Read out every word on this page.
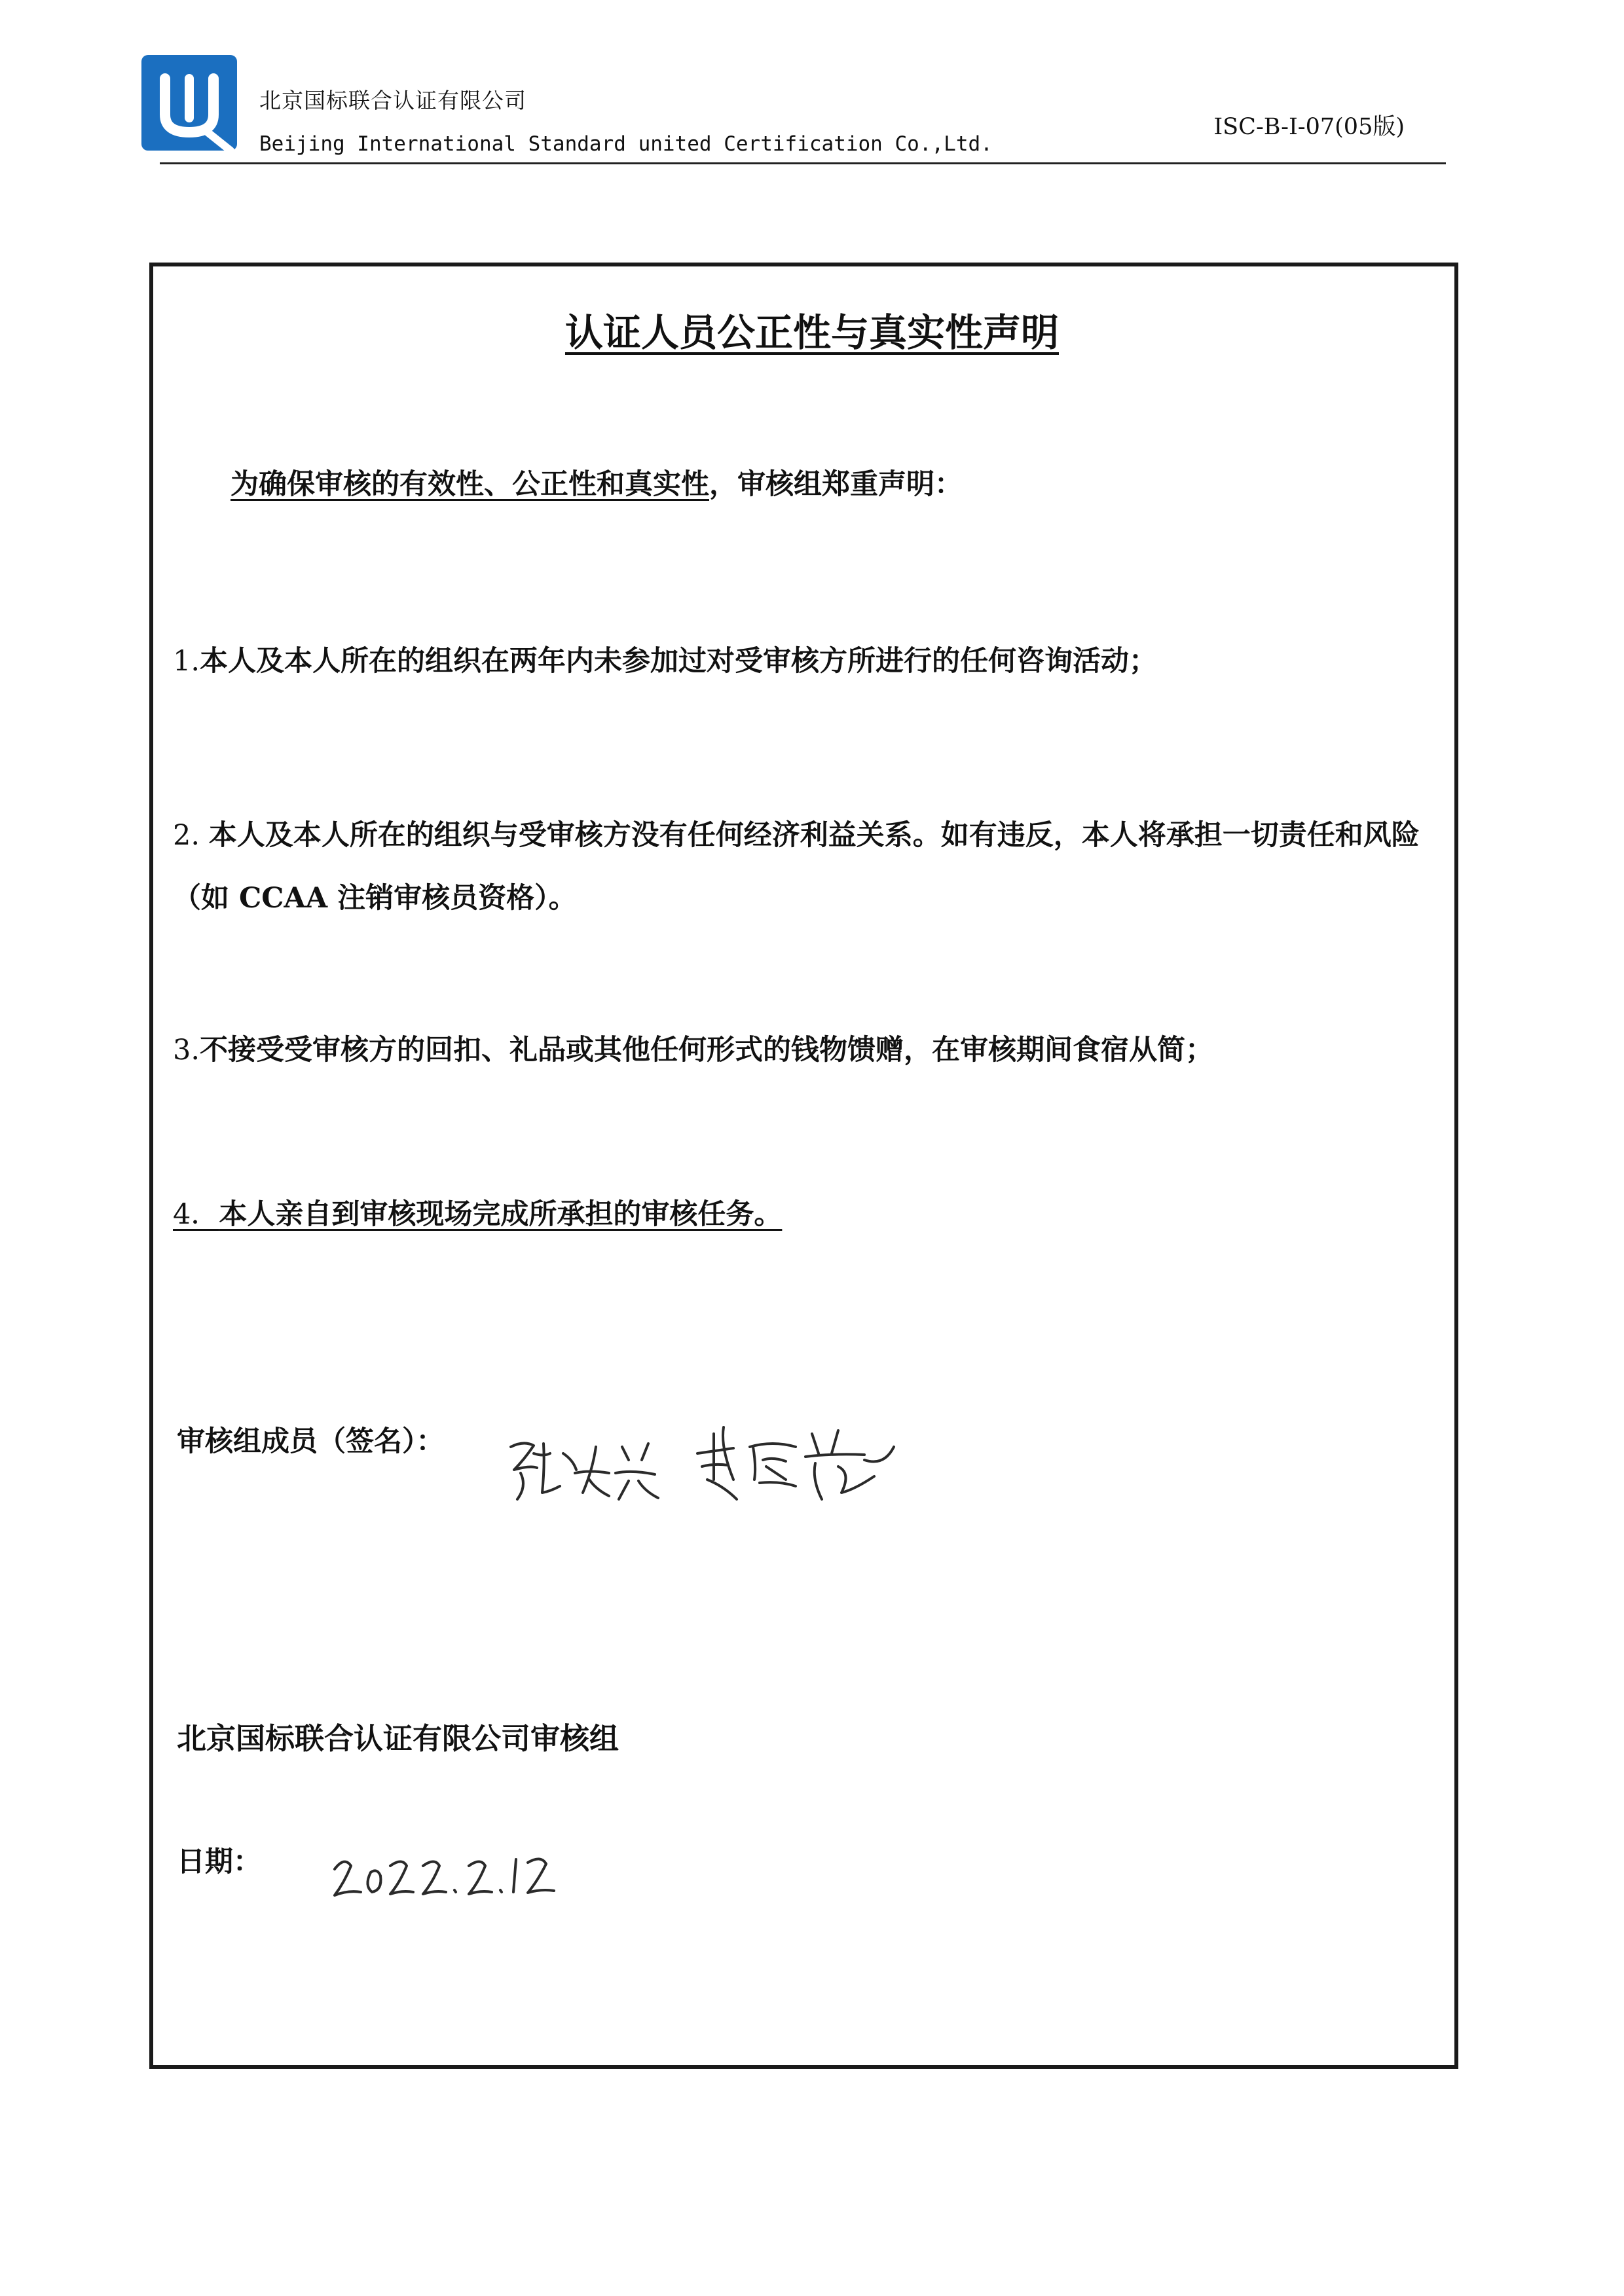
北京国标联合认证有限公司
Beijing International Standard united Certification Co.,Ltd.
ISC-B-I-07(05版)
认证人员公正性与真实性声明
为确保审核的有效性、公正性和真实性，审核组郑重声明：
1.本人及本人所在的组织在两年内未参加过对受审核方所进行的任何咨询活动；
2. 本人及本人所在的组织与受审核方没有任何经济利益关系。如有违反，本人将承担一切责任和风险（如 CCAA 注销审核员资格）。
3.不接受受审核方的回扣、礼品或其他任何形式的钱物馈赠，在审核期间食宿从简；
4．本人亲自到审核现场完成所承担的审核任务。
审核组成员（签名）：
北京国标联合认证有限公司审核组
日期：
